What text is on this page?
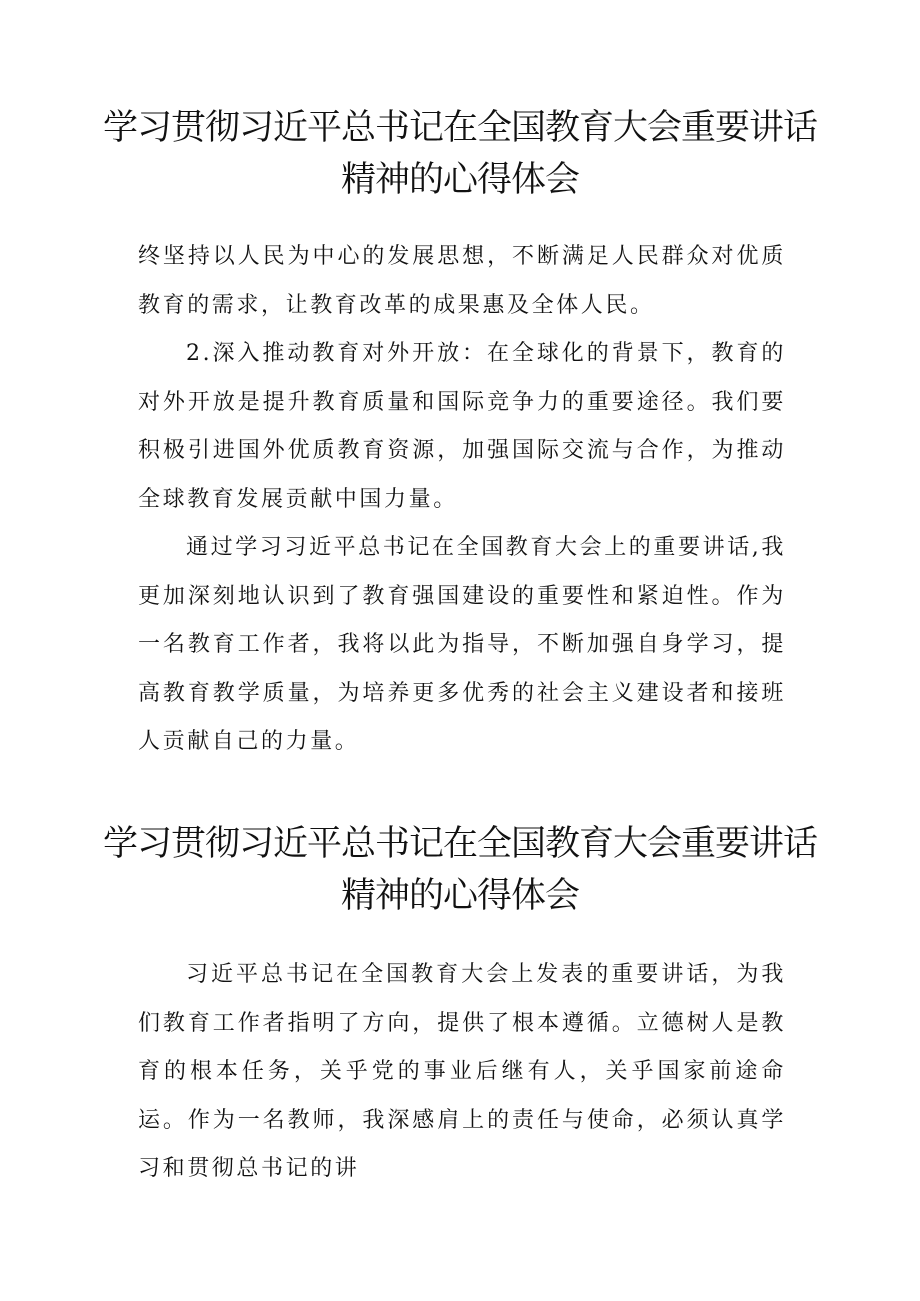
学习贯彻习近平总书记在全国教育大会重要讲话精神的心得体会

终坚持以人民为中心的发展思想，不断满足人民群众对优质教育的需求，让教育改革的成果惠及全体人民。

2.深入推动教育对外开放：在全球化的背景下，教育的对外开放是提升教育质量和国际竞争力的重要途径。我们要积极引进国外优质教育资源，加强国际交流与合作，为推动全球教育发展贡献中国力量。

通过学习习近平总书记在全国教育大会上的重要讲话,我更加深刻地认识到了教育强国建设的重要性和紧迫性。作为一名教育工作者，我将以此为指导，不断加强自身学习，提高教育教学质量，为培养更多优秀的社会主义建设者和接班人贡献自己的力量。

学习贯彻习近平总书记在全国教育大会重要讲话精神的心得体会

习近平总书记在全国教育大会上发表的重要讲话，为我们教育工作者指明了方向，提供了根本遵循。立德树人是教育的根本任务，关乎党的事业后继有人，关乎国家前途命运。作为一名教师，我深感肩上的责任与使命，必须认真学习和贯彻总书记的讲
